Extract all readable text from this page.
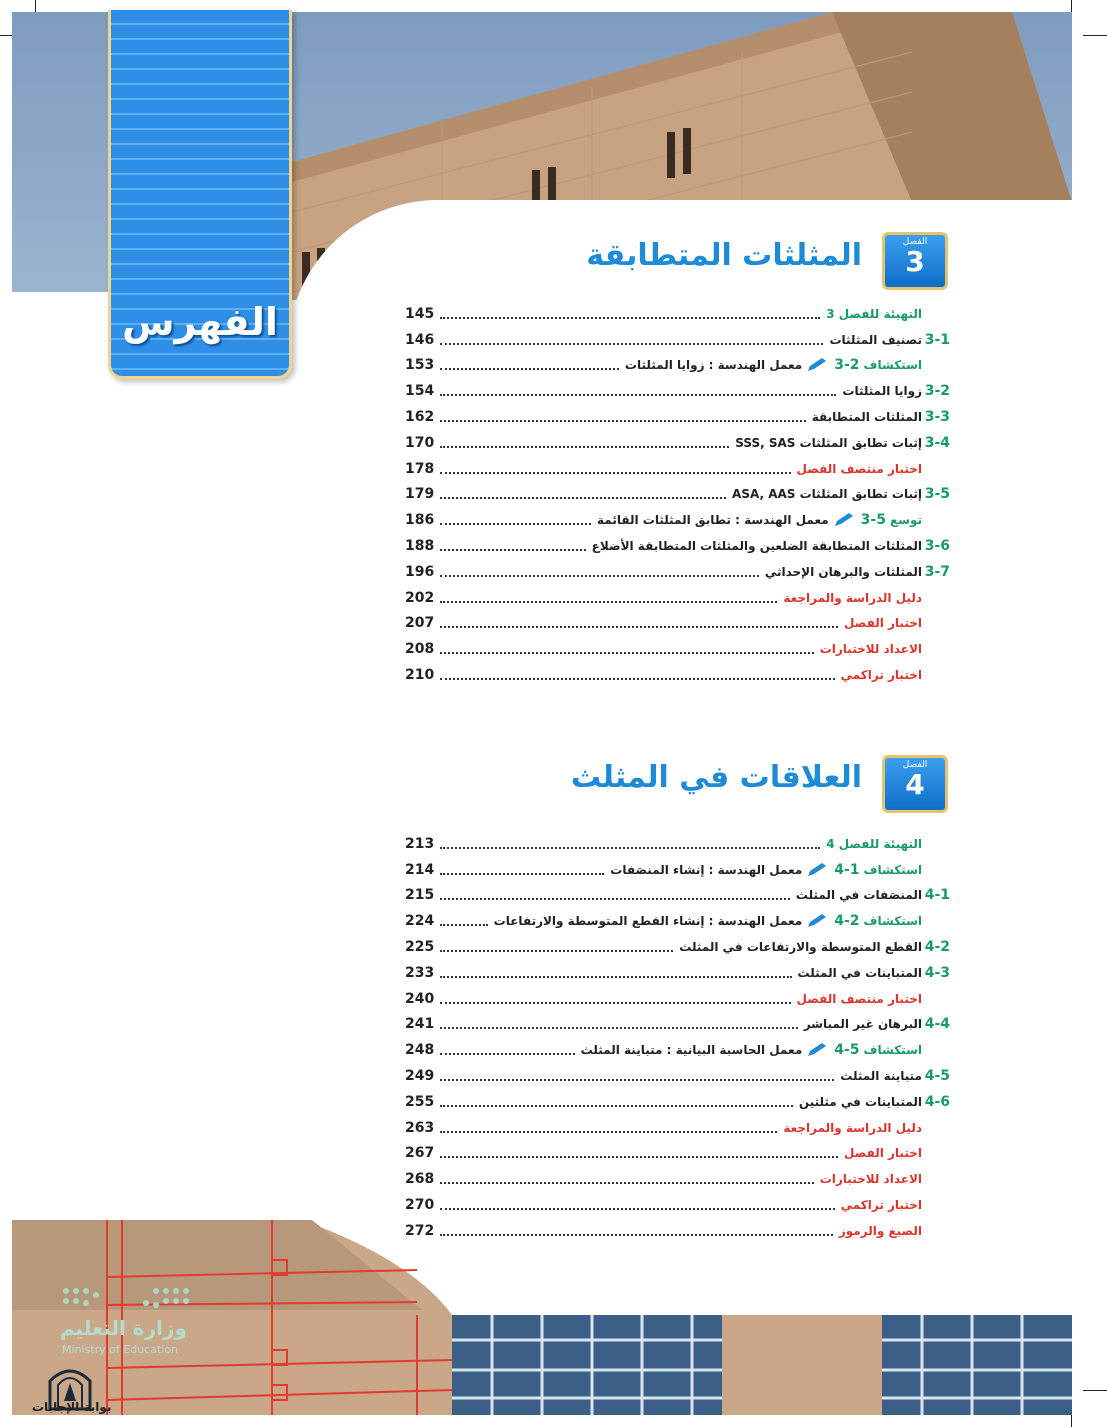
الفهرس
الفصل
3
المثلثات المتطابقة
التهيئة للفصل 3
145
3-1
تصنيف المثلثات
146
استكشاف
3-2
معمل الهندسة : زوايا المثلثات
153
3-2
زوايا المثلثات
154
3-3
المثلثات المتطابقة
162
3-4
إثبات تطابق المثلثات SSS, SAS
170
اختبار منتصف الفصل
178
3-5
إثبات تطابق المثلثات ASA, AAS
179
توسع
3-5
معمل الهندسة : تطابق المثلثات القائمة
186
3-6
المثلثات المتطابقة الضلعين والمثلثات المتطابقة الأضلاع
188
3-7
المثلثات والبرهان الإحداثي
196
دليل الدراسة والمراجعة
202
اختبار الفصل
207
الاعداد للاختبارات
208
اختبار تراكمي
210
الفصل
4
العلاقات في المثلث
التهيئة للفصل 4
213
استكشاف
4-1
معمل الهندسة : إنشاء المنصَفات
214
4-1
المنصَفات في المثلث
215
استكشاف
4-2
معمل الهندسة : إنشاء القطع المتوسطة والارتفاعات
224
4-2
القطع المتوسطة والارتفاعات في المثلث
225
4-3
المتباينات في المثلث
233
اختبار منتصف الفصل
240
4-4
البرهان غير المباشر
241
استكشاف
4-5
معمل الحاسبة البيانية : متباينة المثلث
248
4-5
متباينة المثلث
249
4-6
المتباينات في مثلثين
255
دليل الدراسة والمراجعة
263
اختبار الفصل
267
الاعداد للاختبارات
268
اختبار تراكمي
270
الصيغ والرموز
272
وزارة التعليم
Ministry of Education
بوابة الإجابات
